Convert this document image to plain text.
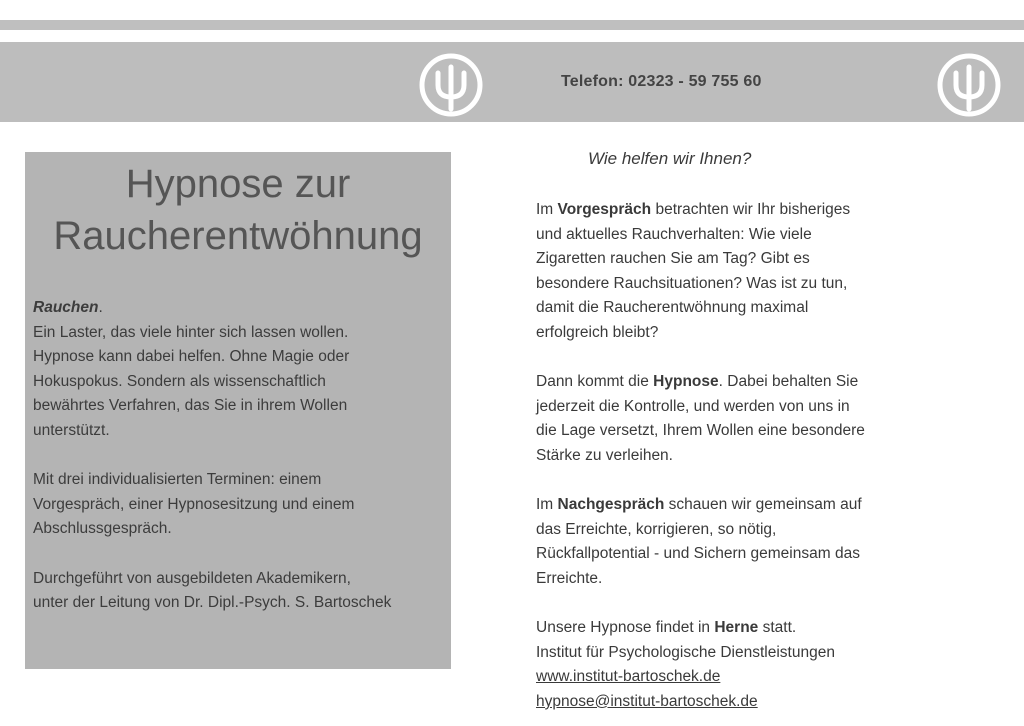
Telefon: 02323 - 59 755 60
Hypnose zur
Raucherentwöhnung

Rauchen.

Ein Laster, das viele hinter sich lassen wollen.

Hypnose kann dabei helfen. Ohne Magie oder

Hokuspokus. Sondern als wissenschaftlich

bewährtes Verfahren, das Sie in ihrem Wollen

unterstützt.

Mit drei individualisierten Terminen: einem

Vorgespräch, einer Hypnosesitzung und einem

Abschlussgespräch.

Durchgeführt von ausgebildeten Akademikern,

unter der Leitung von Dr. Dipl.-Psych. S. Bartoschek

Wie helfen wir Ihnen?

Im Vorgespräch betrachten wir Ihr bisheriges

und aktuelles Rauchverhalten: Wie viele

Zigaretten rauchen Sie am Tag? Gibt es

besondere Rauchsituationen? Was ist zu tun,

damit die Raucherentwöhnung maximal

erfolgreich bleibt?

Dann kommt die Hypnose. Dabei behalten Sie

jederzeit die Kontrolle, und werden von uns in

die Lage versetzt, Ihrem Wollen eine besondere

Stärke zu verleihen.

Im Nachgespräch schauen wir gemeinsam auf

das Erreichte, korrigieren, so nötig,

Rückfallpotential - und Sichern gemeinsam das

Erreichte.

Unsere Hypnose findet in Herne statt.

Institut für Psychologische Dienstleistungen

www.institut-bartoschek.de

hypnose@institut-bartoschek.de
